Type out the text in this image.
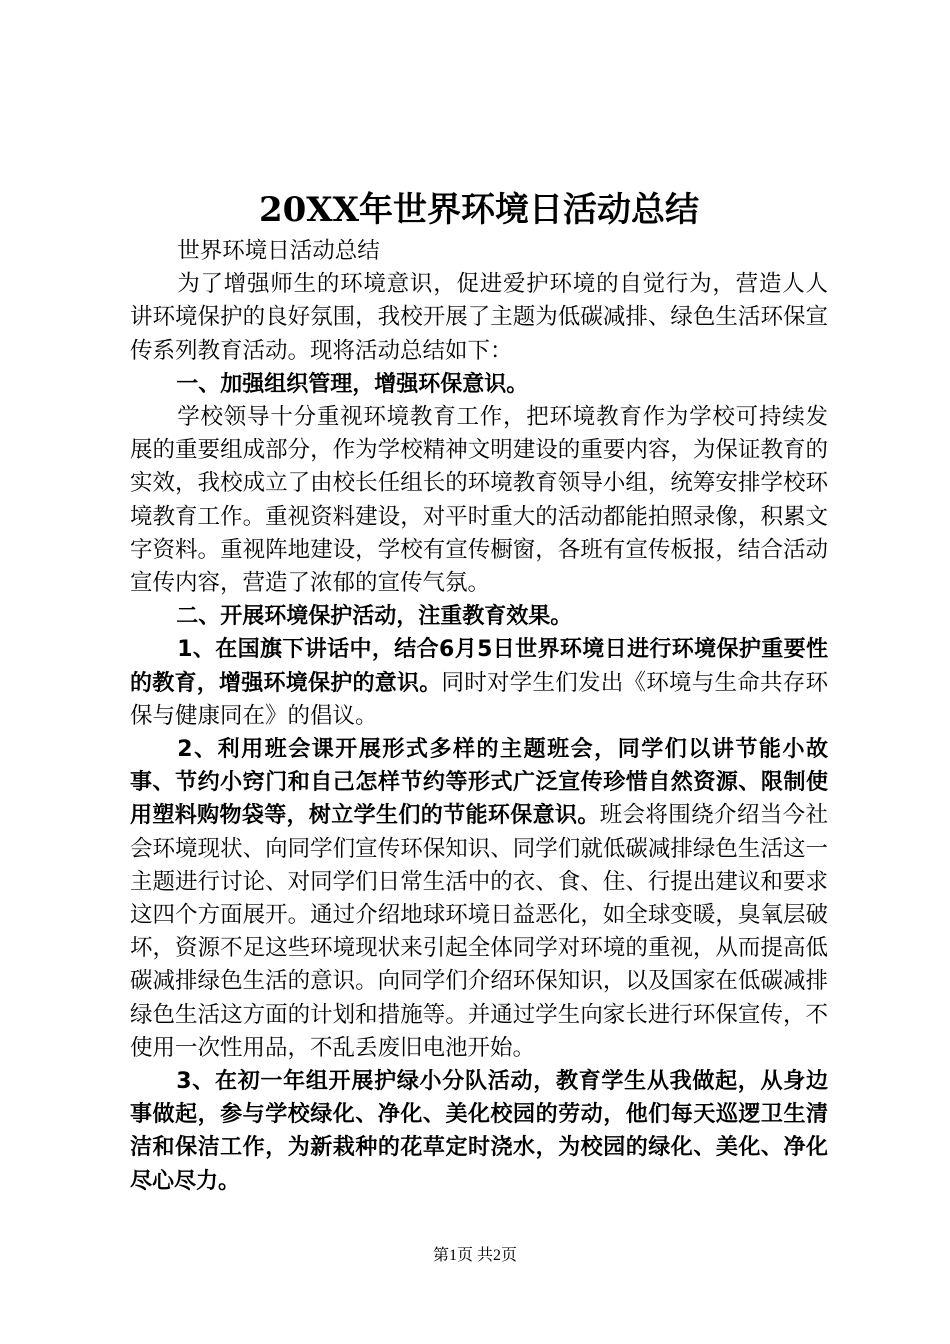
20XX年世界环境日活动总结

世界环境日活动总结

为了增强师生的环境意识，促进爱护环境的自觉行为，营造人人讲环境保护的良好氛围，我校开展了主题为低碳减排、绿色生活环保宣传系列教育活动。现将活动总结如下：

一、加强组织管理，增强环保意识。

学校领导十分重视环境教育工作，把环境教育作为学校可持续发展的重要组成部分，作为学校精神文明建设的重要内容，为保证教育的实效，我校成立了由校长任组长的环境教育领导小组，统筹安排学校环境教育工作。重视资料建设，对平时重大的活动都能拍照录像，积累文字资料。重视阵地建设，学校有宣传橱窗，各班有宣传板报，结合活动宣传内容，营造了浓郁的宣传气氛。

二、开展环境保护活动，注重教育效果。

1、在国旗下讲话中，结合6月5日世界环境日进行环境保护重要性的教育，增强环境保护的意识。同时对学生们发出《环境与生命共存环保与健康同在》的倡议。

2、利用班会课开展形式多样的主题班会，同学们以讲节能小故事、节约小窍门和自己怎样节约等形式广泛宣传珍惜自然资源、限制使用塑料购物袋等，树立学生们的节能环保意识。班会将围绕介绍当今社会环境现状、向同学们宣传环保知识、同学们就低碳减排绿色生活这一主题进行讨论、对同学们日常生活中的衣、食、住、行提出建议和要求这四个方面展开。通过介绍地球环境日益恶化，如全球变暖，臭氧层破坏，资源不足这些环境现状来引起全体同学对环境的重视，从而提高低碳减排绿色生活的意识。向同学们介绍环保知识，以及国家在低碳减排绿色生活这方面的计划和措施等。并通过学生向家长进行环保宣传，不使用一次性用品，不乱丢废旧电池开始。

3、在初一年组开展护绿小分队活动，教育学生从我做起，从身边事做起，参与学校绿化、净化、美化校园的劳动，他们每天巡逻卫生清洁和保洁工作，为新栽种的花草定时浇水，为校园的绿化、美化、净化尽心尽力。

第1页 共2页
